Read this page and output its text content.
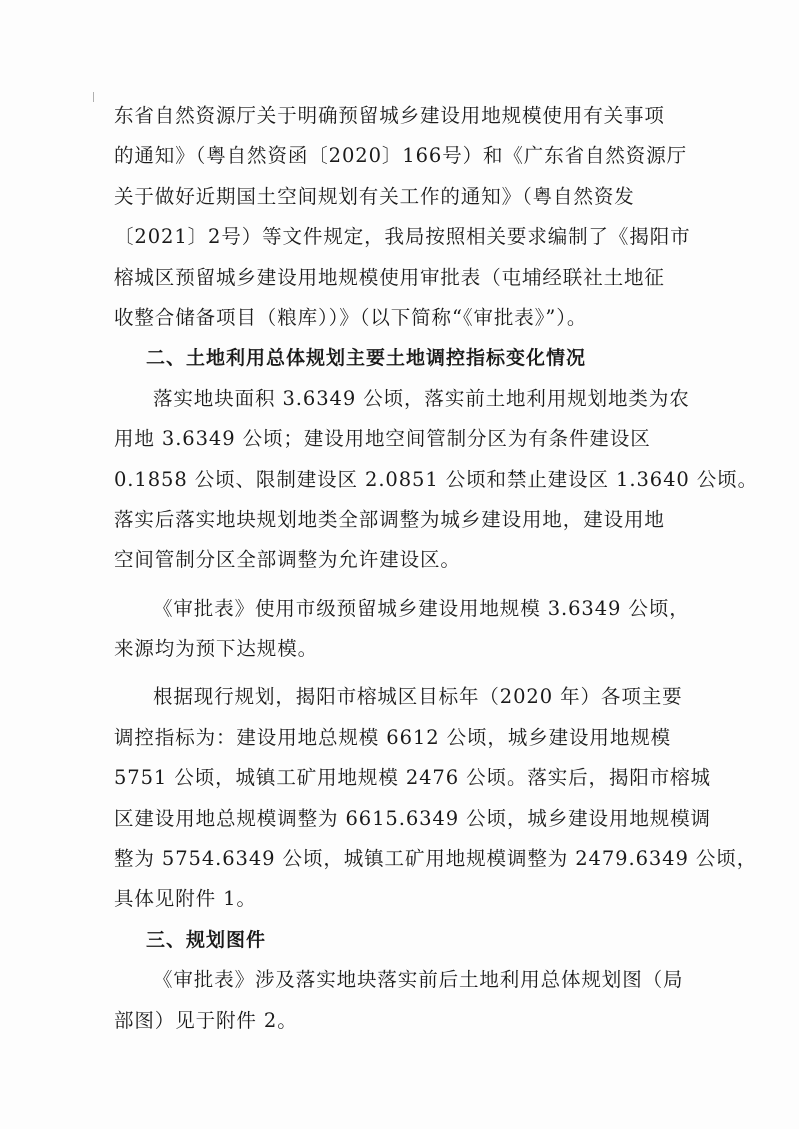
东省自然资源厅关于明确预留城乡建设用地规模使用有关事项
的通知》（粤自然资函〔2020〕166号）和《广东省自然资源厅
关于做好近期国土空间规划有关工作的通知》（粤自然资发
〔2021〕2号）等文件规定，我局按照相关要求编制了《揭阳市
榕城区预留城乡建设用地规模使用审批表（屯埔经联社土地征
收整合储备项目（粮库））》（以下简称“《审批表》”）。
二、土地利用总体规划主要土地调控指标变化情况
落实地块面积 3.6349 公顷，落实前土地利用规划地类为农
用地 3.6349 公顷；建设用地空间管制分区为有条件建设区
0.1858 公顷、限制建设区 2.0851 公顷和禁止建设区 1.3640 公顷。
落实后落实地块规划地类全部调整为城乡建设用地，建设用地
空间管制分区全部调整为允许建设区。
《审批表》使用市级预留城乡建设用地规模 3.6349 公顷，
来源均为预下达规模。
根据现行规划，揭阳市榕城区目标年（2020 年）各项主要
调控指标为：建设用地总规模 6612 公顷，城乡建设用地规模
5751 公顷，城镇工矿用地规模 2476 公顷。落实后，揭阳市榕城
区建设用地总规模调整为 6615.6349 公顷，城乡建设用地规模调
整为 5754.6349 公顷，城镇工矿用地规模调整为 2479.6349 公顷，
具体见附件 1。
三、规划图件
《审批表》涉及落实地块落实前后土地利用总体规划图（局
部图）见于附件 2。
